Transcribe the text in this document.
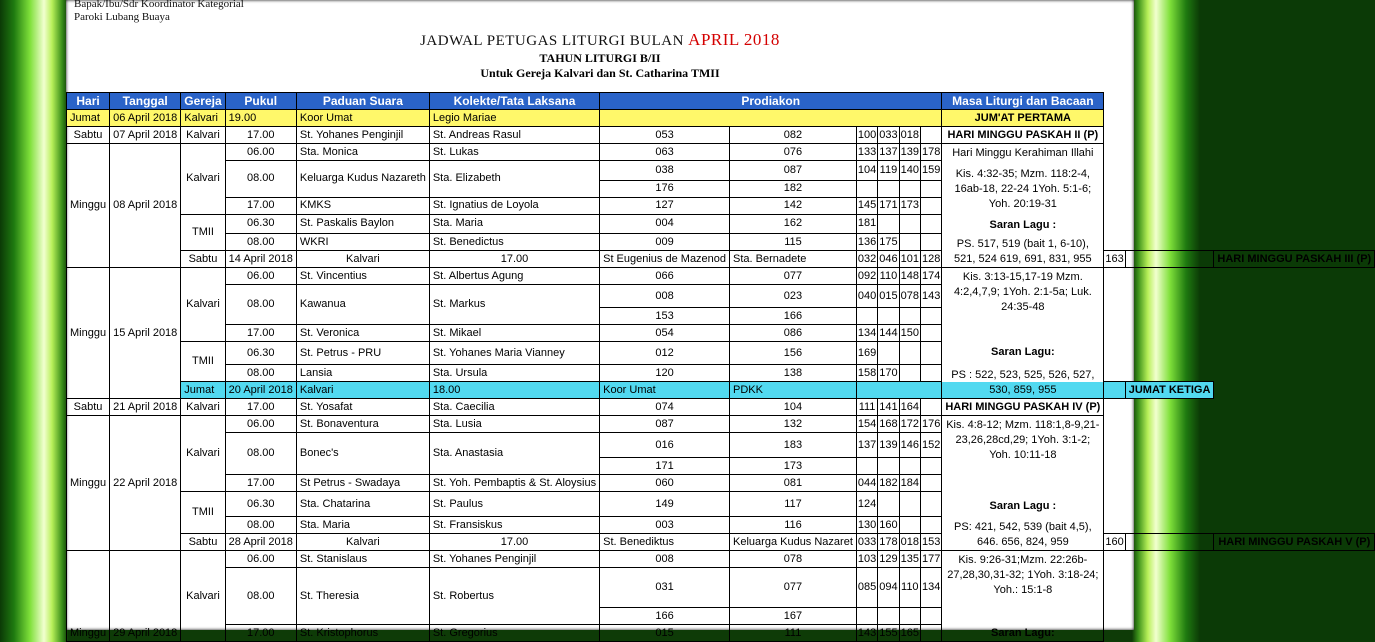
Bapak/Ibu/Sdr Koordinator Kategorial
Paroki Lubang Buaya
JADWAL PETUGAS LITURGI BULAN APRIL 2018
TAHUN LITURGI B/II
Untuk Gereja Kalvari dan St. Catharina TMII
Hari	Tanggal	Gereja	Pukul	Paduan Suara	Kolekte/Tata Laksana	Prodiakon						Masa Liturgi dan Bacaan			
Jumat	06 April 2018	Kalvari	19.00	Koor Umat	Legio Mariae							JUM'AT PERTAMA			
Sabtu	07 April 2018	Kalvari	17.00	St. Yohanes Penginjil	St. Andreas Rasul	053	082	100	033	018		HARI MINGGU PASKAH II (P)			
Minggu	08 April 2018	Kalvari	06.00	Sta. Monica	St. Lukas	063	076	133	137	139	178	Hari Minggu Kerahiman Illahi
Kis. 4:32-35; Mzm. 118:2-4, 16ab-18, 22-24 1Yoh. 5:1-6; Yoh. 20:19-31
Saran Lagu :
PS. 517, 519 (bait 1, 6-10), 521, 524 619, 691, 831, 955			

			08.00	Keluarga Kudus Nazareth	Sta. Elizabeth	038	087	104	119	140	159				
						176	182								
			17.00	KMKS	St. Ignatius de Loyola	127	142	145	171	173					
		TMII	06.30	St. Paskalis Baylon	Sta. Maria	004	162	181							
			08.00	WKRI	St. Benedictus	009	115	136	175						
		Sabtu	14 April 2018	Kalvari	17.00	St Eugenius de Mazenod	Sta. Bernadete	032	046	101	128		163		HARI MINGGU PASKAH III (P)
Minggu	15 April 2018	Kalvari	06.00	St. Vincentius	St. Albertus Agung	066	077	092	110	148	174	Kis. 3:13-15,17-19 Mzm. 4:2,4,7,9; 1Yoh. 2:1-5a; Luk. 24:35-48
Saran Lagu:
PS : 522, 523, 525, 526, 527, 530, 859, 955			

			08.00	Kawanua	St. Markus	008	023	040	015	078	143				
						153	166								
			17.00	St. Veronica	St. Mikael	054	086	134	144	150					
		TMII	06.30	St. Petrus - PRU	St. Yohanes Maria Vianney	012	156	169							
			08.00	Lansia	Sta. Ursula	120	138	158	170						
		Jumat	20 April 2018	Kalvari	18.00	Koor Umat	PDKK							JUMAT KETIGA	
Sabtu	21 April 2018	Kalvari	17.00	St. Yosafat	Sta. Caecilia	074	104	111	141	164		HARI MINGGU PASKAH IV (P)			
Minggu	22 April 2018	Kalvari	06.00	St. Bonaventura	Sta. Lusia	087	132	154	168	172	176	Kis. 4:8-12; Mzm. 118:1,8-9,21-23,26,28cd,29; 1Yoh. 3:1-2; Yoh. 10:11-18
Saran Lagu :
PS: 421, 542, 539 (bait 4,5), 646. 656, 824, 959			

			08.00	Bonec's	Sta. Anastasia	016	183	137	139	146	152				
						171	173								
			17.00	St Petrus - Swadaya	St. Yoh. Pembaptis & St. Aloysius	060	081	044	182	184					
		TMII	06.30	Sta. Chatarina	St. Paulus	149	117	124							
			08.00	Sta. Maria	St. Fransiskus	003	116	130	160						
		Sabtu	28 April 2018	Kalvari	17.00	St. Benediktus	Keluarga Kudus Nazaret	033	178	018	153		160		HARI MINGGU PASKAH V (P)
Minggu	29 April 2018	Kalvari	06.00	St. Stanislaus	St. Yohanes Penginjil	008	078	103	129	135	177	Kis. 9:26-31;Mzm. 22:26b-27,28,30,31-32; 1Yoh. 3:18-24; Yoh.: 15:1-8
Saran Lagu:			

			08.00	St. Theresia	St. Robertus	031	077	085	094	110	134				
						166	167								
			17.00	St. Kristophorus	St. Gregorius	015	111	143	155	165					
